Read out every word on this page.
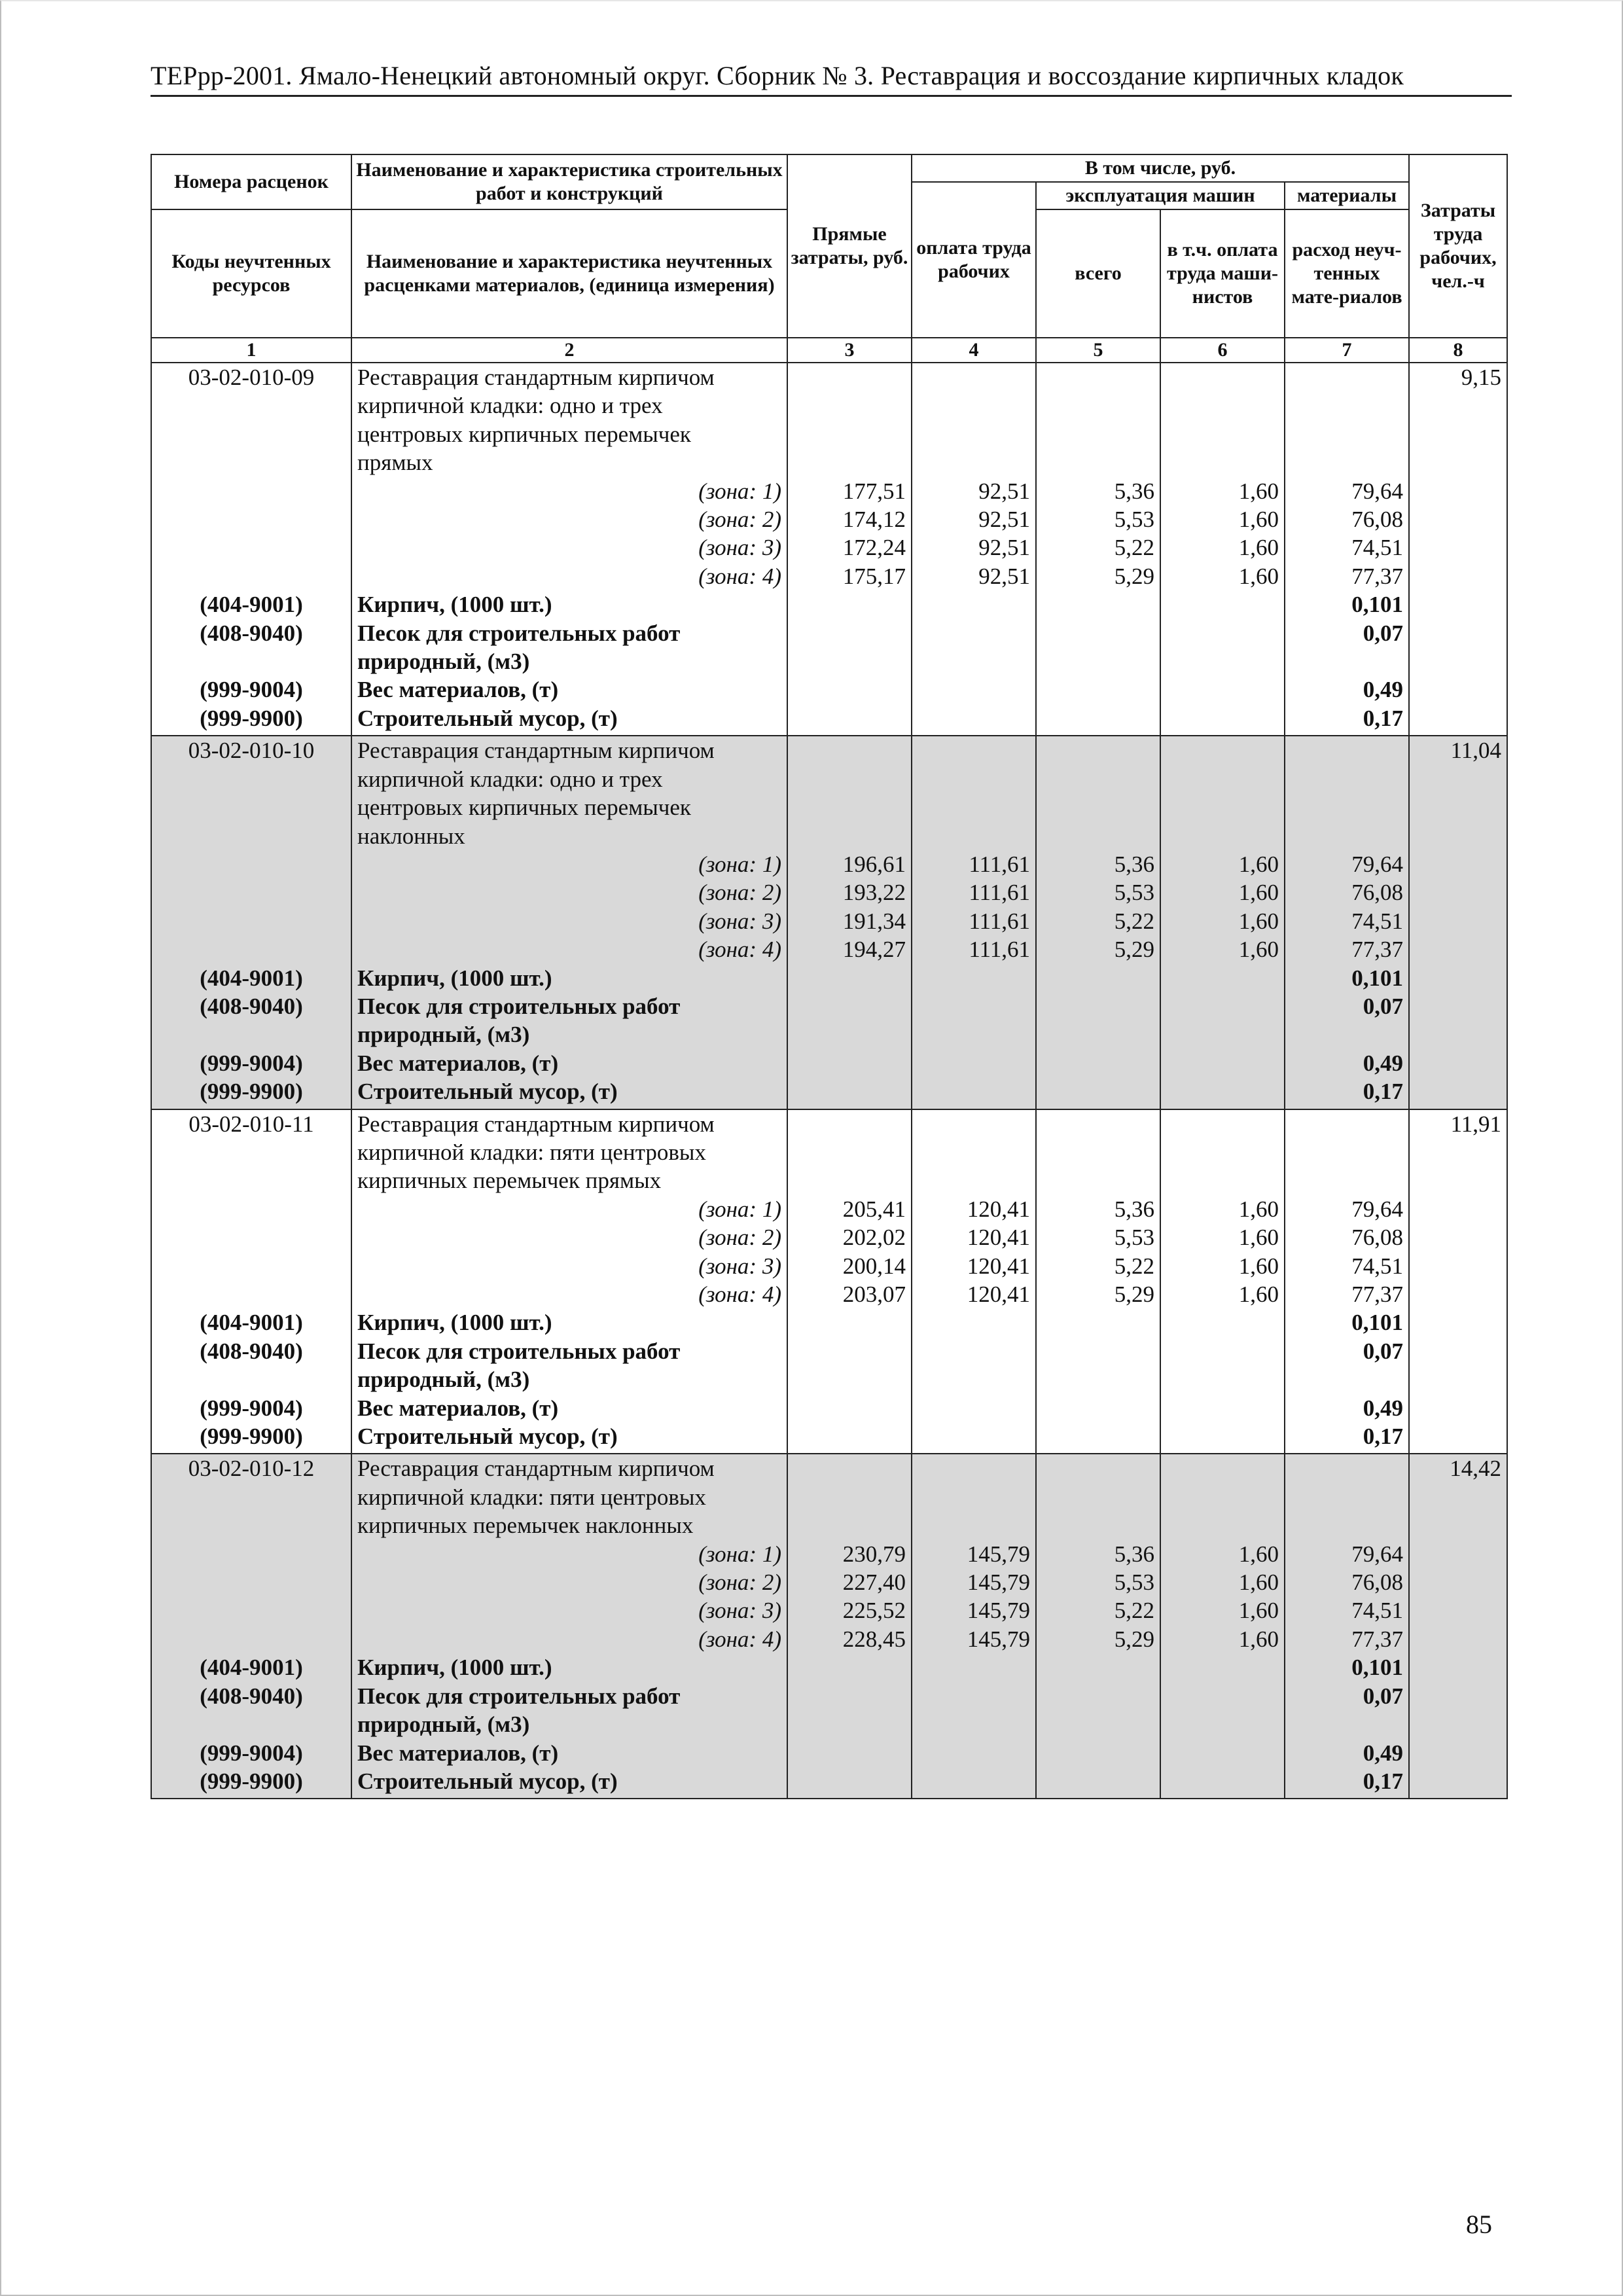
ТЕРрр-2001. Ямало-Ненецкий автономный округ. Сборник № 3. Реставрация и воссоздание кирпичных кладок
Номера расценок	Наименование и характеристика строительных работ и конструкций	Прямые затраты, руб.	В том числе, руб.				Затраты труда рабочих, чел.-ч
			оплата труда рабочих	эксплуатация машин		материалы	
Коды неучтенных ресурсов	Наименование и характеристика неучтенных расценками материалов, (единица измерения)			всего	в т.ч. оплата труда маши-нистов	расход неуч-тенных мате-риалов	
1	2	3	4	5	6	7	8
03-02-010-09	Реставрация стандартным кирпичом						9,15
	кирпичной кладки: одно и трех						
	центровых кирпичных перемычек						
	прямых						
	(зона: 1)	177,51	92,51	5,36	1,60	79,64	
	(зона: 2)	174,12	92,51	5,53	1,60	76,08	
	(зона: 3)	172,24	92,51	5,22	1,60	74,51	
	(зона: 4)	175,17	92,51	5,29	1,60	77,37	
(404-9001)	Кирпич, (1000 шт.)					0,101	
(408-9040)	Песок для строительных работ					0,07	
	природный, (м3)						
(999-9004)	Вес материалов, (т)					0,49	
(999-9900)	Строительный мусор, (т)					0,17	
03-02-010-10	Реставрация стандартным кирпичом						11,04
	кирпичной кладки: одно и трех						
	центровых кирпичных перемычек						
	наклонных						
	(зона: 1)	196,61	111,61	5,36	1,60	79,64	
	(зона: 2)	193,22	111,61	5,53	1,60	76,08	
	(зона: 3)	191,34	111,61	5,22	1,60	74,51	
	(зона: 4)	194,27	111,61	5,29	1,60	77,37	
(404-9001)	Кирпич, (1000 шт.)					0,101	
(408-9040)	Песок для строительных работ					0,07	
	природный, (м3)						
(999-9004)	Вес материалов, (т)					0,49	
(999-9900)	Строительный мусор, (т)					0,17	
03-02-010-11	Реставрация стандартным кирпичом						11,91
	кирпичной кладки: пяти центровых						
	кирпичных перемычек прямых						
	(зона: 1)	205,41	120,41	5,36	1,60	79,64	
	(зона: 2)	202,02	120,41	5,53	1,60	76,08	
	(зона: 3)	200,14	120,41	5,22	1,60	74,51	
	(зона: 4)	203,07	120,41	5,29	1,60	77,37	
(404-9001)	Кирпич, (1000 шт.)					0,101	
(408-9040)	Песок для строительных работ					0,07	
	природный, (м3)						
(999-9004)	Вес материалов, (т)					0,49	
(999-9900)	Строительный мусор, (т)					0,17	
03-02-010-12	Реставрация стандартным кирпичом						14,42
	кирпичной кладки: пяти центровых						
	кирпичных перемычек наклонных						
	(зона: 1)	230,79	145,79	5,36	1,60	79,64	
	(зона: 2)	227,40	145,79	5,53	1,60	76,08	
	(зона: 3)	225,52	145,79	5,22	1,60	74,51	
	(зона: 4)	228,45	145,79	5,29	1,60	77,37	
(404-9001)	Кирпич, (1000 шт.)					0,101	
(408-9040)	Песок для строительных работ					0,07	
	природный, (м3)						
(999-9004)	Вес материалов, (т)					0,49	
(999-9900)	Строительный мусор, (т)					0,17	
85
